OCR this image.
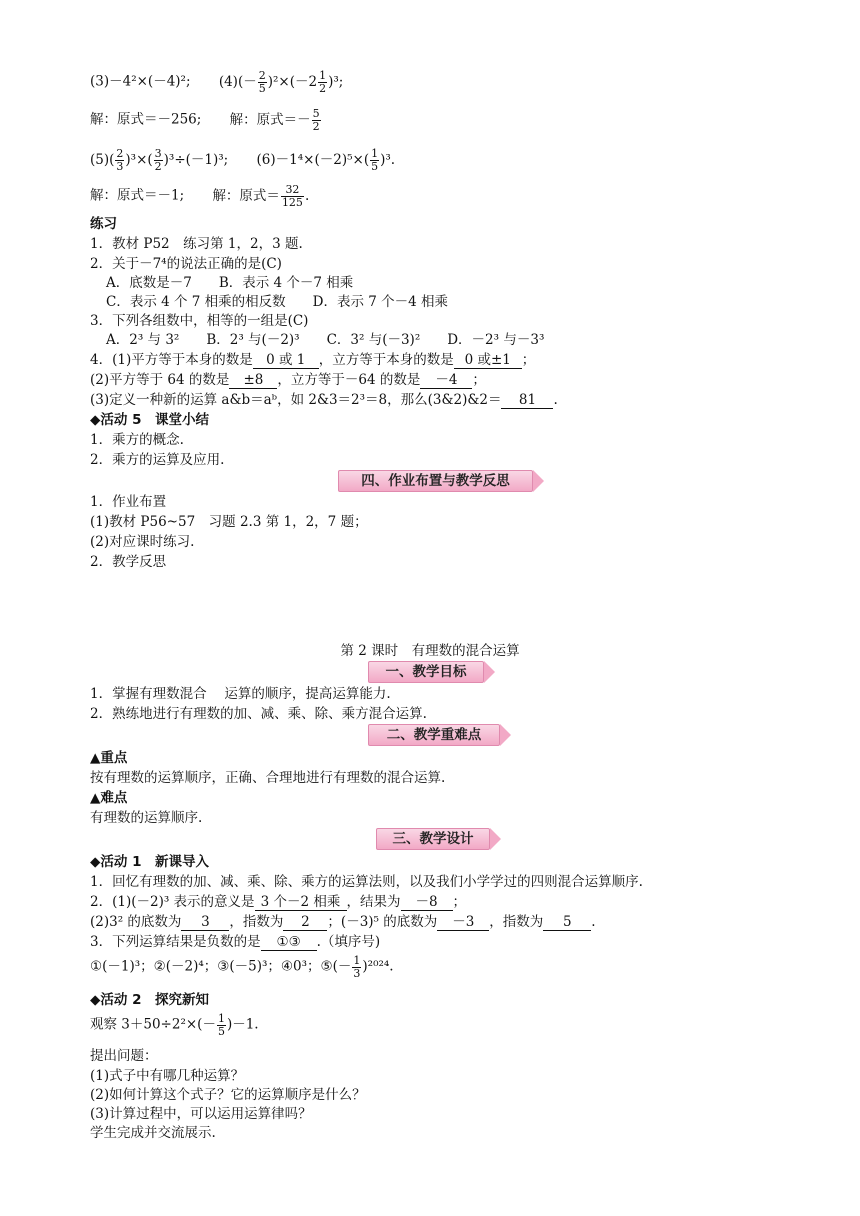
(3)－4²×(－4)²; $(4)(- \frac{2}{5} )^2\times(-2 \frac{1}{2} )^3$;
解：原式＝－256; 解：原式＝－ $\frac{5}{2}$
$(5)( \frac{2}{3} )^3\times( \frac{3}{2} )^3\div(-1)^3$; $(6)-1^4\times(-2)^5\times( \frac{1}{5} )^3$.
解：原式＝－1; 解：原式＝ $\frac{32}{125}$ .
练习
1．教材 P52　练习第 1，2，3 题.
2．关于－7⁴的说法正确的是(C)
A．底数是－7　　B．表示 4 个－7 相乘
C．表示 4 个 7 相乘的相反数　　D．表示 7 个－4 相乘
3．下列各组数中，相等的一组是(C)
A．2³ 与 3²　　B．2³ 与(－2)³　　C．3² 与(－3)²　　D．－2³ 与－3³
4．(1)平方等于本身的数是 0 或 1 ，立方等于本身的数是 0 或±1 ；
(2)平方等于 64 的数是 ±8 ，立方等于－64 的数是 －4 ；
(3)定义一种新的运算 a&b＝aᵇ，如 2&3＝2³＝8，那么(3&2)&2＝ 81 .
◆活动 5　课堂小结
1．乘方的概念.
2．乘方的运算及应用.
四、作业布置与教学反思
1．作业布置
(1)教材 P56~57　习题 2.3 第 1，2，7 题；
(2)对应课时练习.
2．教学反思
第 2 课时　有理数的混合运算
一、教学目标
1．掌握有理数混合　 运算的顺序，提高运算能力.
2．熟练地进行有理数的加、减、乘、除、乘方混合运算.
二、教学重难点
▲重点
按有理数的运算顺序，正确、合理地进行有理数的混合运算.
▲难点
有理数的运算顺序.
三、教学设计
◆活动 1　新课导入
1．回忆有理数的加、减、乘、除、乘方的运算法则，以及我们小学学过的四则混合运算顺序.
2．(1)(－2)³ 表示的意义是 3 个－2 相乘 ，结果为 －8 ；
(2)3² 的底数为 3 ，指数为 2 ；(－3)⁵ 的底数为 －3 ，指数为 5 .
3．下列运算结果是负数的是 ①③ .（填序号)
①(－1)³；②(－2)⁴；③(－5)³；④0³；⑤(－ $\frac{1}{3} )^{2024}$.
◆活动 2　探究新知
观察 $3+50\div 2^2\times(- \frac{1}{5} )-1$.
提出问题：
(1)式子中有哪几种运算？
(2)如何计算这个式子？它的运算顺序是什么？
(3)计算过程中，可以运用运算律吗？
学生完成并交流展示.
